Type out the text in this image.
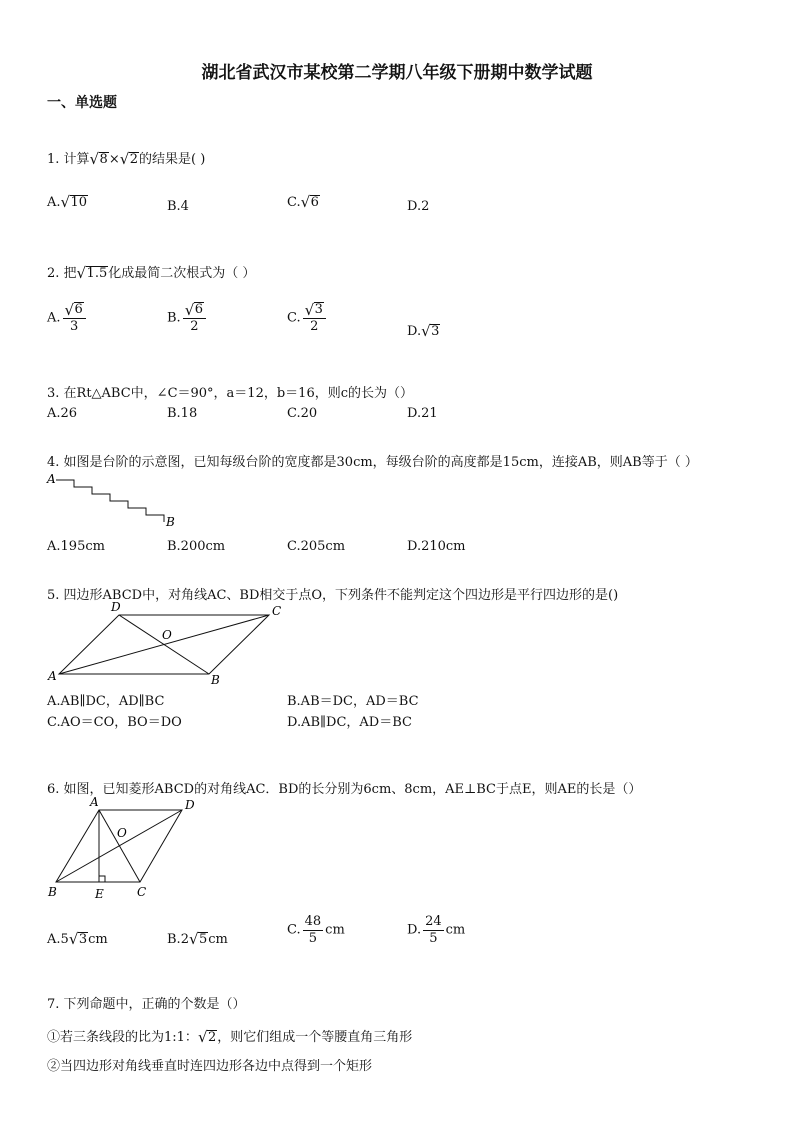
湖北省武汉市某校第二学期八年级下册期中数学试题
一、单选题
1. 计算 √ 8× √ 2的结果是( )
A. √ 10	B.4	C. √ 6	D.2
2. 把 √ 1.5化成最简二次根式为（ ）
A. $\frac{√ 6}{3}$	B. $\frac{√ 6}{2}$	C. $\frac{√ 3}{2}$	D. √ 3
3. 在Rt△ABC中，∠C＝90°，a＝12，b＝16，则c的长为（）
A.26	B.18	C.20	D.21
4. 如图是台阶的示意图，已知每级台阶的宽度都是30cm，每级台阶的高度都是15cm，连接AB，则AB等于（ ）
A
B
A.195cm	B.200cm	C.205cm	D.210cm
5. 四边形ABCD中，对角线AC、BD相交于点O，下列条件不能判定这个四边形是平行四边形的是()
A	B
C
D
O
A.AB∥DC，AD∥BC	B.AB＝DC，AD＝BC
C.AO＝CO，BO＝DO	D.AB∥DC，AD＝BC
6. 如图，已知菱形ABCD的对角线AC．BD的长分别为6cm、8cm，AE⊥BC于点E，则AE的长是（）
A
B	C
D
O
E
A.5 √ 3cm	B.2 √ 5cm
C. $\frac{48}{5}$ cm	D. $\frac{24}{5}$ cm
7. 下列命题中，正确的个数是（）
①若三条线段的比为1:1： √ 2，则它们组成一个等腰直角三角形
②当四边形对角线垂直时连四边形各边中点得到一个矩形
